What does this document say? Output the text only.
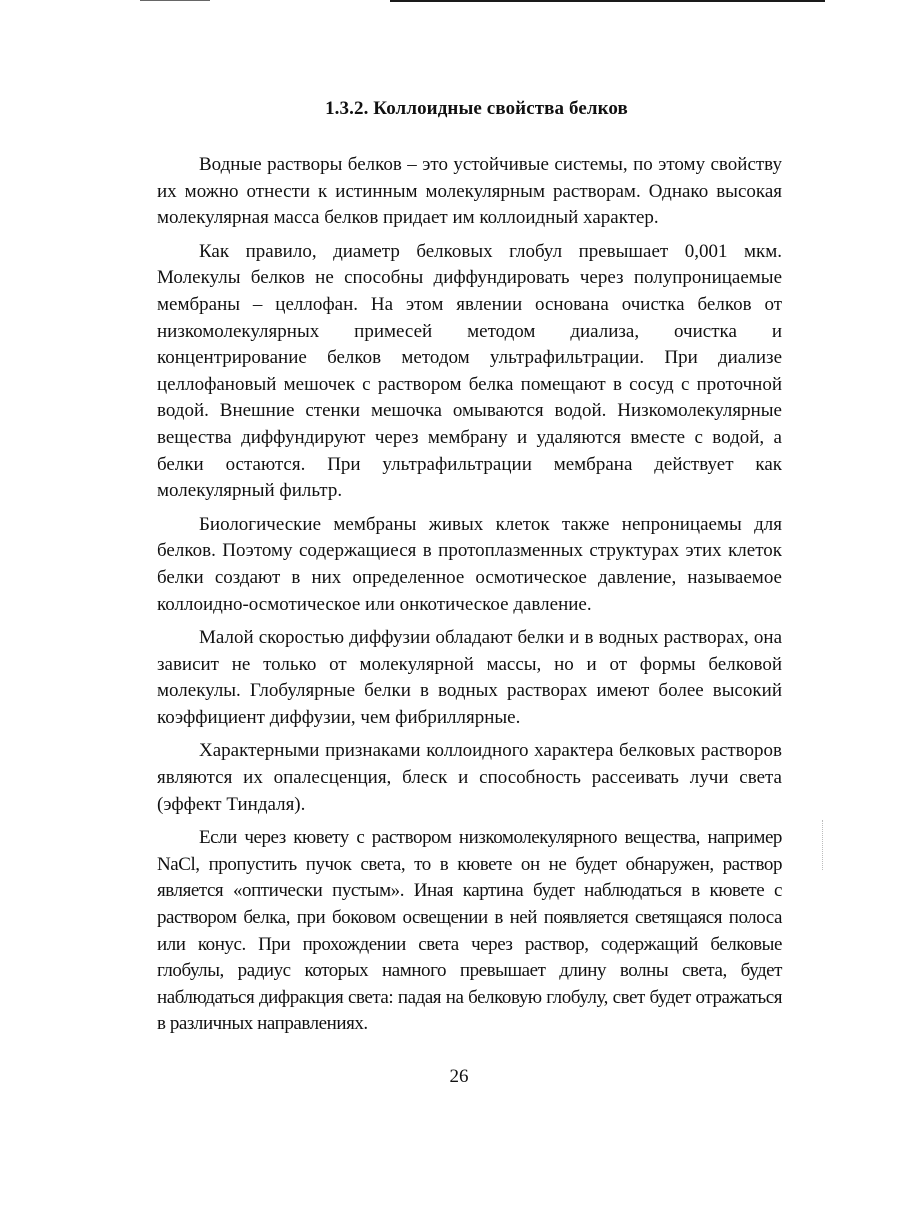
1.3.2. Коллоидные свойства белков

Водные растворы белков – это устойчивые системы, по этому свойству их можно отнести к истинным молекулярным растворам. Однако высокая молекулярная масса белков придает им коллоидный характер.

Как правило, диаметр белковых глобул превышает 0,001 мкм. Молекулы белков не способны диффундировать через полупроницаемые мембраны – целлофан. На этом явлении основана очистка белков от низкомолекулярных примесей методом диализа, очистка и концентрирование белков методом ультрафильтрации. При диализе целлофановый мешочек с раствором белка помещают в сосуд с проточной водой. Внешние стенки мешочка омываются водой. Низкомолекулярные вещества диффундируют через мембрану и удаляются вместе с водой, а белки остаются. При ультрафильтрации мембрана действует как молекулярный фильтр.

Биологические мембраны живых клеток также непроницаемы для белков. Поэтому содержащиеся в протоплазменных структурах этих клеток белки создают в них определенное осмотическое давление, называемое коллоидно-осмотическое или онкотическое давление.

Малой скоростью диффузии обладают белки и в водных растворах, она зависит не только от молекулярной массы, но и от формы белковой молекулы. Глобулярные белки в водных растворах имеют более высокий коэффициент диффузии, чем фибриллярные.

Характерными признаками коллоидного характера белковых растворов являются их опалесценция, блеск и способность рассеивать лучи света (эффект Тиндаля).

Если через кювету с раствором низкомолекулярного вещества, например NaCl, пропустить пучок света, то в кювете он не будет обнаружен, раствор является «оптически пустым». Иная картина будет наблюдаться в кювете с раствором белка, при боковом освещении в ней появляется светящаяся полоса или конус. При прохождении света через раствор, содержащий белковые глобулы, радиус которых намного превышает длину волны света, будет наблюдаться дифракция света: падая на белковую глобулу, свет будет отражаться в различных направлениях.

26
